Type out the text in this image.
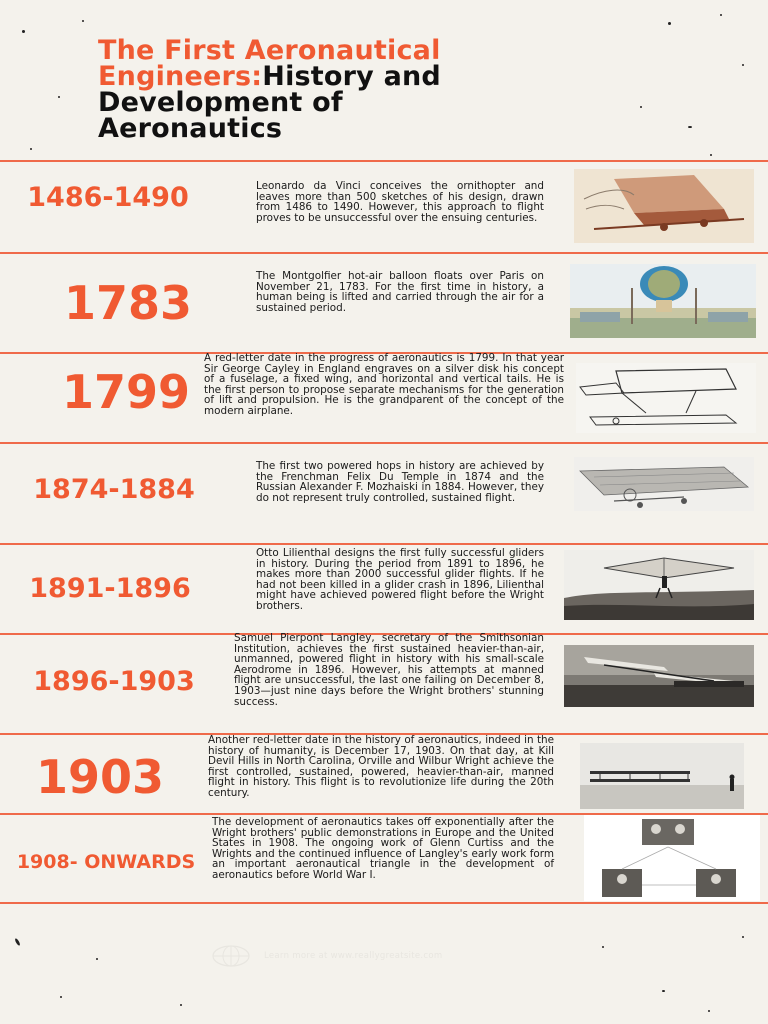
The First Aeronautical
Engineers:History and
Development of
Aeronautics
1486-1490	Leonardo da Vinci conceives the ornithopter and leaves more than 500 sketches of his design, drawn from 1486 to 1490. However, this approach to flight proves to be unsuccessful over the ensuing centuries.
1783	The Montgolfier hot-air balloon floats over Paris on November 21, 1783. For the first time in history, a human being is lifted and carried through the air for a sustained period.
1799
A red-letter date in the progress of aeronautics is 1799. In that year Sir George Cayley in England engraves on a silver disk his concept of a fuselage, a fixed wing, and horizontal and vertical tails. He is the first person to propose separate mechanisms for the generation of lift and propulsion. He is the grandparent of the concept of the modern airplane.
1874-1884
The first two powered hops in history are achieved by the Frenchman Felix Du Temple in 1874 and the Russian Alexander F. Mozhaiski in 1884. However, they do not represent truly controlled, sustained flight.
1891-1896
Otto Lilienthal designs the first fully successful gliders in history. During the period from 1891 to 1896, he makes more than 2000 successful glider flights. If he had not been killed in a glider crash in 1896, Lilienthal might have achieved powered flight before the Wright brothers.
1896-1903
Samuel Pierpont Langley, secretary of the Smithsonian Institution, achieves the first sustained heavier-than-air, unmanned, powered flight in history with his small-scale Aerodrome in 1896. However, his attempts at manned flight are unsuccessful, the last one failing on December 8, 1903—just nine days before the Wright brothers' stunning success.
1903
Another red-letter date in the history of aeronautics, indeed in the history of humanity, is December 17, 1903. On that day, at Kill Devil Hills in North Carolina, Orville and Wilbur Wright achieve the first controlled, sustained, powered, heavier-than-air, manned flight in history. This flight is to revolutionize life during the 20th century.
1908- ONWARDS
The development of aeronautics takes off exponentially after the Wright brothers' public demonstrations in Europe and the United States in 1908. The ongoing work of Glenn Curtiss and the Wrights and the continued influence of Langley's early work form an important aeronautical triangle in the development of aeronautics before World War I.
Learn more at www.reallygreatsite.com
